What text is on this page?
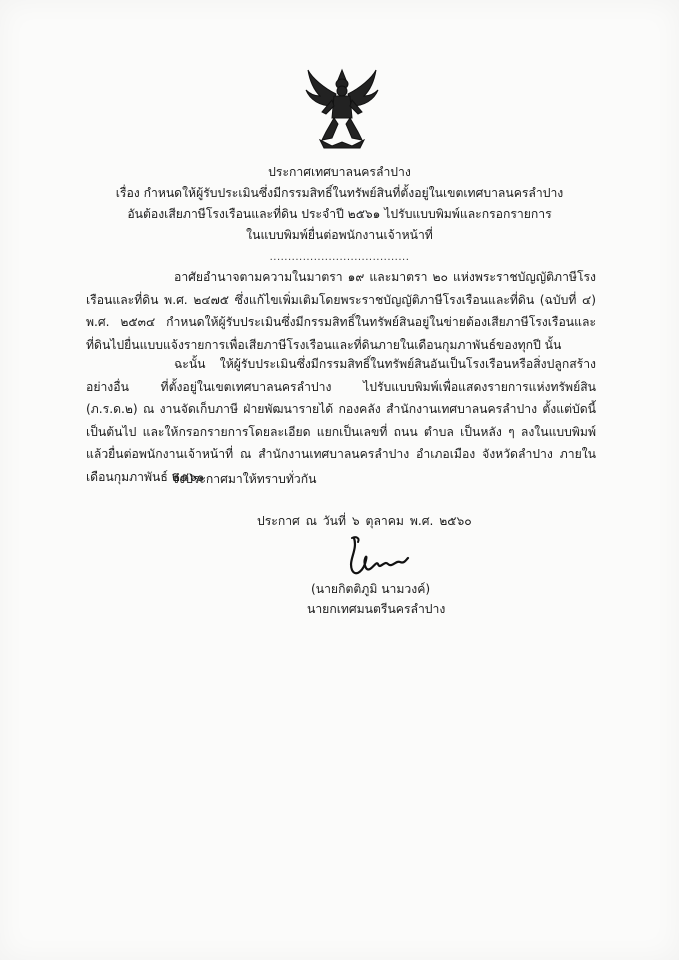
ประกาศเทศบาลนครลำปาง
เรื่อง กำหนดให้ผู้รับประเมินซึ่งมีกรรมสิทธิ์ในทรัพย์สินที่ตั้งอยู่ในเขตเทศบาลนครลำปาง
อันต้องเสียภาษีโรงเรือนและที่ดิน ประจำปี ๒๕๖๑ ไปรับแบบพิมพ์และกรอกรายการ
ในแบบพิมพ์ยื่นต่อพนักงานเจ้าหน้าที่
......................................
อาศัยอำนาจตามความในมาตรา ๑๙ และมาตรา ๒๐ แห่งพระราชบัญญัติภาษีโรงเรือนและที่ดิน พ.ศ. ๒๔๗๕ ซึ่งแก้ไขเพิ่มเติมโดยพระราชบัญญัติภาษีโรงเรือนและที่ดิน (ฉบับที่ ๔) พ.ศ. ๒๕๓๔ กำหนดให้ผู้รับประเมินซึ่งมีกรรมสิทธิ์ในทรัพย์สินอยู่ในข่ายต้องเสียภาษีโรงเรือนและที่ดินไปยื่นแบบแจ้งรายการเพื่อเสียภาษีโรงเรือนและที่ดินภายในเดือนกุมภาพันธ์ของทุกปี นั้น
ฉะนั้น ให้ผู้รับประเมินซึ่งมีกรรมสิทธิ์ในทรัพย์สินอันเป็นโรงเรือนหรือสิ่งปลูกสร้างอย่างอื่น ที่ตั้งอยู่ในเขตเทศบาลนครลำปาง ไปรับแบบพิมพ์เพื่อแสดงรายการแห่งทรัพย์สิน (ภ.ร.ด.๒) ณ งานจัดเก็บภาษี ฝ่ายพัฒนารายได้ กองคลัง สำนักงานเทศบาลนครลำปาง ตั้งแต่บัดนี้เป็นต้นไป และให้กรอกรายการโดยละเอียด แยกเป็นเลขที่ ถนน ตำบล เป็นหลัง ๆ ลงในแบบพิมพ์ แล้วยื่นต่อพนักงานเจ้าหน้าที่ ณ สำนักงานเทศบาลนครลำปาง อำเภอเมือง จังหวัดลำปาง ภายในเดือนกุมภาพันธ์ ๒๕๖๑
จึงประกาศมาให้ทราบทั่วกัน
ประกาศ ณ วันที่ ๖ ตุลาคม พ.ศ. ๒๕๖๐
(นายกิตติภูมิ นามวงค์)
นายกเทศมนตรีนครลำปาง
